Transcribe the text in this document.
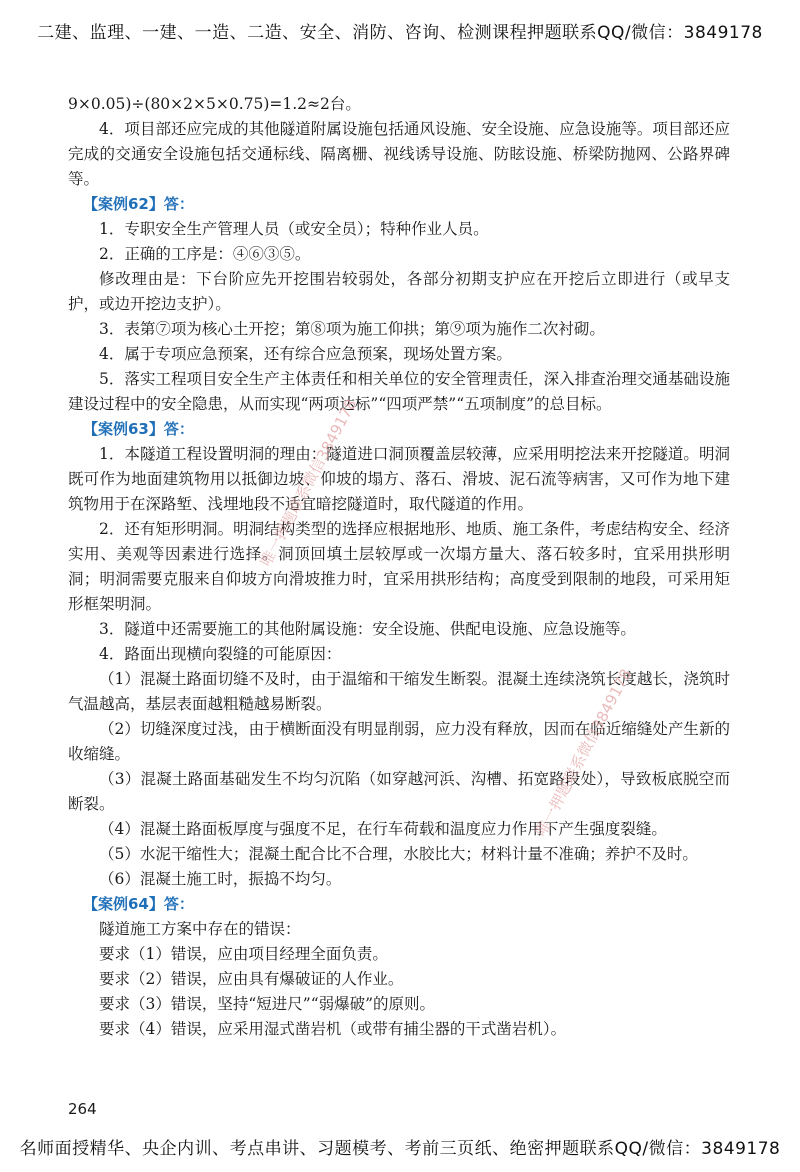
二建、监理、一建、一造、二造、安全、消防、咨询、检测课程押题联系QQ/微信：3849178

9×0.05)÷(80×2×5×0.75)=1.2≈2台。

4．项目部还应完成的其他隧道附属设施包括通风设施、安全设施、应急设施等。项目部还应完成的交通安全设施包括交通标线、隔离栅、视线诱导设施、防眩设施、桥梁防抛网、公路界碑等。

【案例62】答：

1．专职安全生产管理人员（或安全员）；特种作业人员。

2．正确的工序是：④⑥③⑤。

修改理由是：下台阶应先开挖围岩较弱处，各部分初期支护应在开挖后立即进行（或早支护，或边开挖边支护）。

3．表第⑦项为核心土开挖；第⑧项为施工仰拱；第⑨项为施作二次衬砌。

4．属于专项应急预案，还有综合应急预案，现场处置方案。

5．落实工程项目安全生产主体责任和相关单位的安全管理责任，深入排查治理交通基础设施建设过程中的安全隐患，从而实现“两项达标”“四项严禁”“五项制度”的总目标。

【案例63】答：

1．本隧道工程设置明洞的理由：隧道进口洞顶覆盖层较薄，应采用明挖法来开挖隧道。明洞既可作为地面建筑物用以抵御边坡、仰坡的塌方、落石、滑坡、泥石流等病害，又可作为地下建筑物用于在深路堑、浅埋地段不适宜暗挖隧道时，取代隧道的作用。

2．还有矩形明洞。明洞结构类型的选择应根据地形、地质、施工条件，考虑结构安全、经济实用、美观等因素进行选择。洞顶回填土层较厚或一次塌方量大、落石较多时，宜采用拱形明洞；明洞需要克服来自仰坡方向滑坡推力时，宜采用拱形结构；高度受到限制的地段，可采用矩形框架明洞。

3．隧道中还需要施工的其他附属设施：安全设施、供配电设施、应急设施等。

4．路面出现横向裂缝的可能原因：

（1）混凝土路面切缝不及时，由于温缩和干缩发生断裂。混凝土连续浇筑长度越长，浇筑时气温越高，基层表面越粗糙越易断裂。

（2）切缝深度过浅，由于横断面没有明显削弱，应力没有释放，因而在临近缩缝处产生新的收缩缝。

（3）混凝土路面基础发生不均匀沉陷（如穿越河浜、沟槽、拓宽路段处），导致板底脱空而断裂。

（4）混凝土路面板厚度与强度不足，在行车荷载和温度应力作用下产生强度裂缝。

（5）水泥干缩性大；混凝土配合比不合理，水胶比大；材料计量不准确；养护不及时。

（6）混凝土施工时，振捣不均匀。

【案例64】答：

隧道施工方案中存在的错误：

要求（1）错误，应由项目经理全面负责。

要求（2）错误，应由具有爆破证的人作业。

要求（3）错误，坚持“短进尺”“弱爆破”的原则。

要求（4）错误，应采用湿式凿岩机（或带有捕尘器的干式凿岩机）。

264
唯一押题联系微信3849178
唯一押题联系微信3849178
名师面授精华、央企内训、考点串讲、习题模考、考前三页纸、绝密押题联系QQ/微信：3849178
